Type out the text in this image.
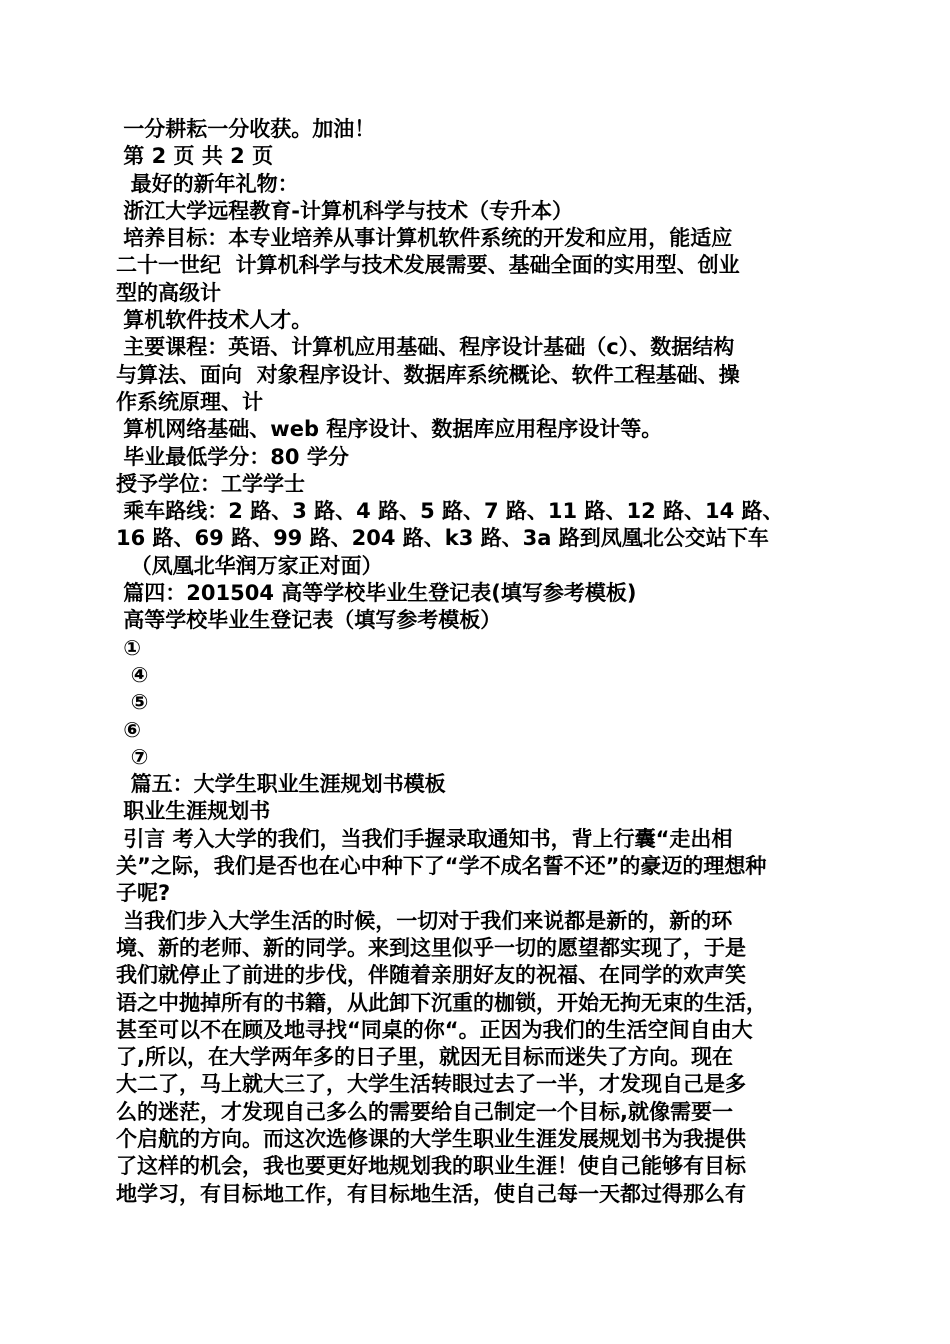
一分耕耘一分收获。加油！
第 2 页 共 2 页
最好的新年礼物：
浙江大学远程教育-计算机科学与技术（专升本）
培养目标：本专业培养从事计算机软件系统的开发和应用，能适应
二十一世纪  计算机科学与技术发展需要、基础全面的实用型、创业
型的高级计
算机软件技术人才。
主要课程：英语、计算机应用基础、程序设计基础（c）、数据结构
与算法、面向  对象程序设计、数据库系统概论、软件工程基础、操
作系统原理、计
算机网络基础、web 程序设计、数据库应用程序设计等。
毕业最低学分：80 学分
授予学位：工学学士
乘车路线：2 路、3 路、4 路、5 路、7 路、11 路、12 路、14 路、
16 路、69 路、99 路、204 路、k3 路、3a 路到凤凰北公交站下车
（凤凰北华润万家正对面）
篇四：201504 高等学校毕业生登记表(填写参考模板)
高等学校毕业生登记表（填写参考模板）
①
④
⑤
⑥
⑦
篇五：大学生职业生涯规划书模板
职业生涯规划书
引言 考入大学的我们，当我们手握录取通知书，背上行囊“走出相
关”之际，我们是否也在心中种下了“学不成名誓不还”的豪迈的理想种
子呢?
当我们步入大学生活的时候，一切对于我们来说都是新的，新的环
境、新的老师、新的同学。来到这里似乎一切的愿望都实现了，于是
我们就停止了前进的步伐，伴随着亲朋好友的祝福、在同学的欢声笑
语之中抛掉所有的书籍，从此卸下沉重的枷锁，开始无拘无束的生活，
甚至可以不在顾及地寻找“同桌的你“。正因为我们的生活空间自由大
了,所以，在大学两年多的日子里，就因无目标而迷失了方向。现在
大二了，马上就大三了，大学生活转眼过去了一半，才发现自己是多
么的迷茫，才发现自己多么的需要给自己制定一个目标,就像需要一
个启航的方向。而这次选修课的大学生职业生涯发展规划书为我提供
了这样的机会，我也要更好地规划我的职业生涯！使自己能够有目标
地学习，有目标地工作，有目标地生活，使自己每一天都过得那么有
